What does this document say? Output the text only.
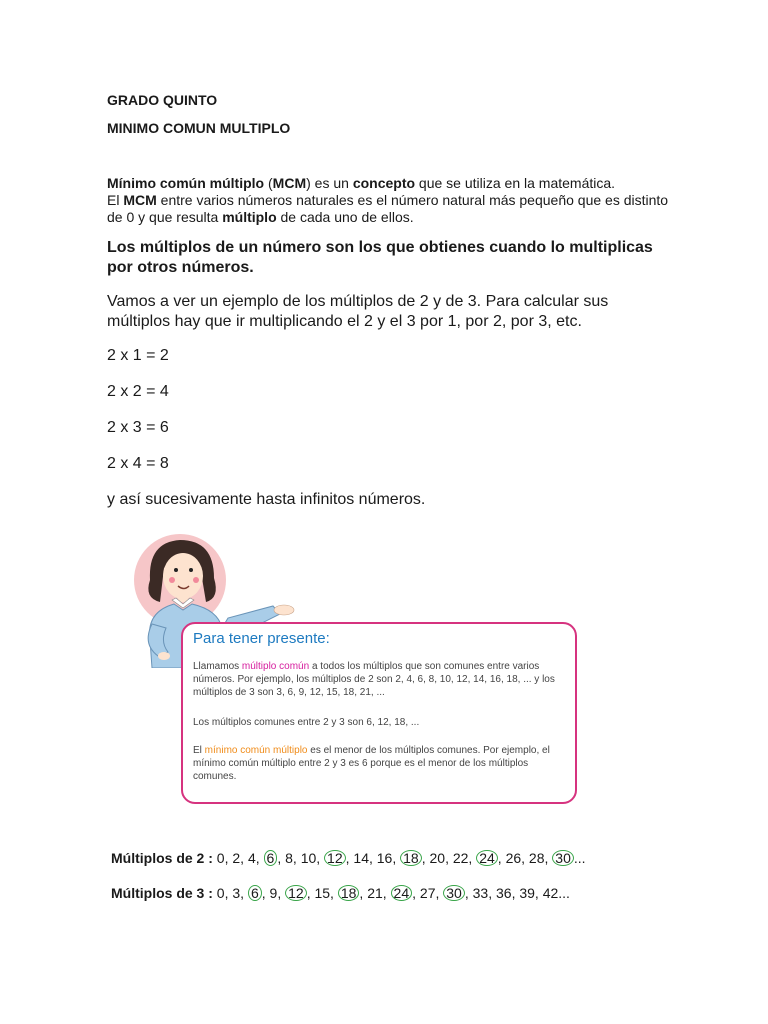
GRADO QUINTO
MINIMO COMUN MULTIPLO
Mínimo común múltiplo (MCM) es un concepto que se utiliza en la matemática.
El MCM entre varios números naturales es el número natural más pequeño que es distinto
de 0 y que resulta múltiplo de cada uno de ellos.
Los múltiplos de un número son los que obtienes cuando lo multiplicas por otros números.
Vamos a ver un ejemplo de los múltiplos de 2 y de 3. Para calcular sus múltiplos hay que ir multiplicando el 2 y el 3 por 1, por 2, por 3, etc.
2 x 1 = 2
2 x 2 = 4
2 x 3 = 6
2 x 4 = 8
y así sucesivamente hasta infinitos números.
Para tener presente:
Llamamos múltiplo común a todos los múltiplos que son comunes entre varios números. Por ejemplo, los múltiplos de 2 son 2, 4, 6, 8, 10, 12, 14, 16, 18, ... y los múltiplos de 3 son 3, 6, 9, 12, 15, 18, 21, ...
Los múltiplos comunes entre 2 y 3 son 6, 12, 18, ...
El mínimo común múltiplo es el menor de los múltiplos comunes. Por ejemplo, el mínimo común múltiplo entre 2 y 3 es 6 porque es el menor de los múltiplos comunes.
Múltiplos de 2 : 0, 2, 4, 6 , 8, 10, 12 , 14, 16, 18 , 20, 22, 24 , 26, 28, 30 ...
Múltiplos de 3 : 0, 3, 6 , 9, 12 , 15, 18 , 21, 24 , 27, 30 , 33, 36, 39, 42...
